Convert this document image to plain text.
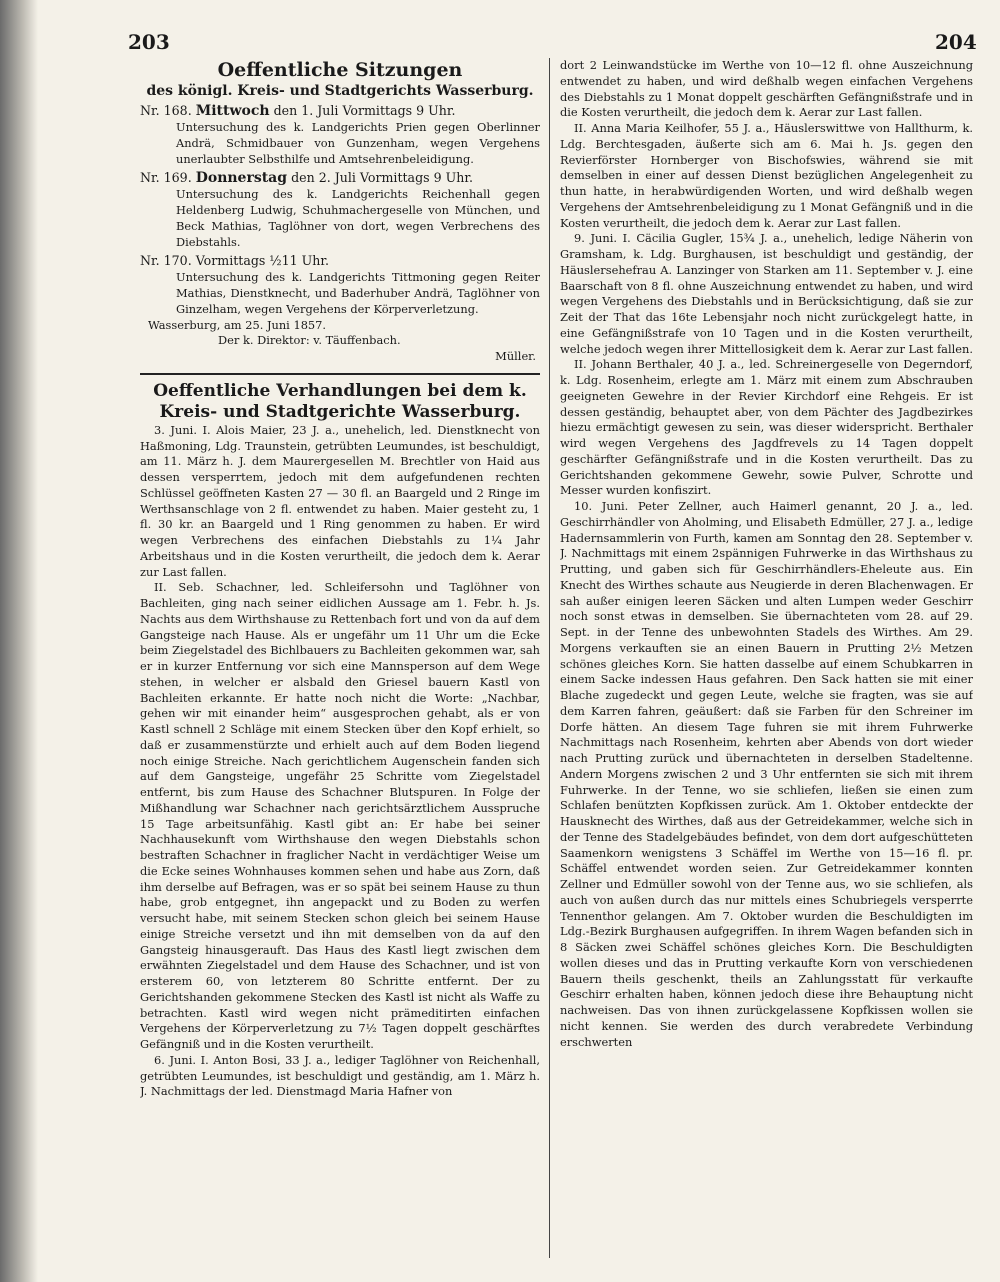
203	204
Oeffentliche Sitzungen
des königl. Kreis- und Stadtgerichts Wasserburg.
Nr. 168. Mittwoch den 1. Juli Vormittags 9 Uhr.
Untersuchung des k. Landgerichts Prien gegen Oberlinner Andrä, Schmidbauer von Gunzenham, wegen Vergehens unerlaubter Selbsthilfe und Amtsehrenbeleidigung.
Nr. 169. Donnerstag den 2. Juli Vormittags 9 Uhr.
Untersuchung des k. Landgerichts Reichenhall gegen Heldenberg Ludwig, Schuhmachergeselle von München, und Beck Mathias, Taglöhner von dort, wegen Verbrechens des Diebstahls.
Nr. 170. Vormittags ½11 Uhr.
Untersuchung des k. Landgerichts Tittmoning gegen Reiter Mathias, Dienstknecht, und Baderhuber Andrä, Taglöhner von Ginzelham, wegen Vergehens der Körperverletzung.
Wasserburg, am 25. Juni 1857.
Der k. Direktor: v. Täuffenbach.
Müller.
Oeffentliche Verhandlungen bei dem k. Kreis- und Stadtgerichte Wasserburg.

3. Juni. I. Alois Maier, 23 J. a., unehelich, led. Dienstknecht von Haßmoning, Ldg. Traunstein, getrübten Leumundes, ist beschuldigt, am 11. März h. J. dem Maurergesellen M. Brechtler von Haid aus dessen versperrtem, jedoch mit dem aufgefundenen rechten Schlüssel geöffneten Kasten 27 — 30 fl. an Baargeld und 2 Ringe im Werthsanschlage von 2 fl. entwendet zu haben. Maier gesteht zu, 1 fl. 30 kr. an Baargeld und 1 Ring genommen zu haben. Er wird wegen Verbrechens des einfachen Diebstahls zu 1¼ Jahr Arbeitshaus und in die Kosten verurtheilt, die jedoch dem k. Aerar zur Last fallen.

II. Seb. Schachner, led. Schleifersohn und Taglöhner von Bachleiten, ging nach seiner eidlichen Aussage am 1. Febr. h. Js. Nachts aus dem Wirthshause zu Rettenbach fort und von da auf dem Gangsteige nach Hause. Als er ungefähr um 11 Uhr um die Ecke beim Ziegelstadel des Bichlbauers zu Bachleiten gekommen war, sah er in kurzer Entfernung vor sich eine Mannsperson auf dem Wege stehen, in welcher er alsbald den Griesel bauern Kastl von Bachleiten erkannte. Er hatte noch nicht die Worte: „Nachbar, gehen wir mit einander heim“ ausgesprochen gehabt, als er von Kastl schnell 2 Schläge mit einem Stecken über den Kopf erhielt, so daß er zusammenstürzte und erhielt auch auf dem Boden liegend noch einige Streiche. Nach gerichtlichem Augenschein fanden sich auf dem Gangsteige, ungefähr 25 Schritte vom Ziegelstadel entfernt, bis zum Hause des Schachner Blutspuren. In Folge der Mißhandlung war Schachner nach gerichtsärztlichem Ausspruche 15 Tage arbeitsunfähig. Kastl gibt an: Er habe bei seiner Nachhausekunft vom Wirthshause den wegen Diebstahls schon bestraften Schachner in fraglicher Nacht in verdächtiger Weise um die Ecke seines Wohnhauses kommen sehen und habe aus Zorn, daß ihm derselbe auf Befragen, was er so spät bei seinem Hause zu thun habe, grob entgegnet, ihn angepackt und zu Boden zu werfen versucht habe, mit seinem Stecken schon gleich bei seinem Hause einige Streiche versetzt und ihn mit demselben von da auf den Gangsteig hinausgerauft. Das Haus des Kastl liegt zwischen dem erwähnten Ziegelstadel und dem Hause des Schachner, und ist von ersterem 60, von letzterem 80 Schritte entfernt. Der zu Gerichtshanden gekommene Stecken des Kastl ist nicht als Waffe zu betrachten. Kastl wird wegen nicht prämeditirten einfachen Vergehens der Körperverletzung zu 7½ Tagen doppelt geschärftes Gefängniß und in die Kosten verurtheilt.

6. Juni. I. Anton Bosi, 33 J. a., lediger Taglöhner von Reichenhall, getrübten Leumundes, ist beschuldigt und geständig, am 1. März h. J. Nachmittags der led. Dienstmagd Maria Hafner von

dort 2 Leinwandstücke im Werthe von 10—12 fl. ohne Auszeichnung entwendet zu haben, und wird deßhalb wegen einfachen Vergehens des Diebstahls zu 1 Monat doppelt geschärften Gefängnißstrafe und in die Kosten verurtheilt, die jedoch dem k. Aerar zur Last fallen.

II. Anna Maria Keilhofer, 55 J. a., Häuslerswittwe von Hallthurm, k. Ldg. Berchtesgaden, äußerte sich am 6. Mai h. Js. gegen den Revierförster Hornberger von Bischofswies, während sie mit demselben in einer auf dessen Dienst bezüglichen Angelegenheit zu thun hatte, in herabwürdigenden Worten, und wird deßhalb wegen Vergehens der Amtsehrenbeleidigung zu 1 Monat Gefängniß und in die Kosten verurtheilt, die jedoch dem k. Aerar zur Last fallen.

9. Juni. I. Cäcilia Gugler, 15¾ J. a., unehelich, ledige Näherin von Gramsham, k. Ldg. Burghausen, ist beschuldigt und geständig, der Häuslersehefrau A. Lanzinger von Starken am 11. September v. J. eine Baarschaft von 8 fl. ohne Auszeichnung entwendet zu haben, und wird wegen Vergehens des Diebstahls und in Berücksichtigung, daß sie zur Zeit der That das 16te Lebensjahr noch nicht zurückgelegt hatte, in eine Gefängnißstrafe von 10 Tagen und in die Kosten verurtheilt, welche jedoch wegen ihrer Mittellosigkeit dem k. Aerar zur Last fallen.

II. Johann Berthaler, 40 J. a., led. Schreinergeselle von Degerndorf, k. Ldg. Rosenheim, erlegte am 1. März mit einem zum Abschrauben geeigneten Gewehre in der Revier Kirchdorf eine Rehgeis. Er ist dessen geständig, behauptet aber, von dem Pächter des Jagdbezirkes hiezu ermächtigt gewesen zu sein, was dieser widerspricht. Berthaler wird wegen Vergehens des Jagdfrevels zu 14 Tagen doppelt geschärfter Gefängnißstrafe und in die Kosten verurtheilt. Das zu Gerichtshanden gekommene Gewehr, sowie Pulver, Schrotte und Messer wurden konfiszirt.

10. Juni. Peter Zellner, auch Haimerl genannt, 20 J. a., led. Geschirrhändler von Aholming, und Elisabeth Edmüller, 27 J. a., ledige Hadernsammlerin von Furth, kamen am Sonntag den 28. September v. J. Nachmittags mit einem 2spännigen Fuhrwerke in das Wirthshaus zu Prutting, und gaben sich für Geschirrhändlers-Eheleute aus. Ein Knecht des Wirthes schaute aus Neugierde in deren Blachenwagen. Er sah außer einigen leeren Säcken und alten Lumpen weder Geschirr noch sonst etwas in demselben. Sie übernachteten vom 28. auf 29. Sept. in der Tenne des unbewohnten Stadels des Wirthes. Am 29. Morgens verkauften sie an einen Bauern in Prutting 2½ Metzen schönes gleiches Korn. Sie hatten dasselbe auf einem Schubkarren in einem Sacke indessen Haus gefahren. Den Sack hatten sie mit einer Blache zugedeckt und gegen Leute, welche sie fragten, was sie auf dem Karren fahren, geäußert: daß sie Farben für den Schreiner im Dorfe hätten. An diesem Tage fuhren sie mit ihrem Fuhrwerke Nachmittags nach Rosenheim, kehrten aber Abends von dort wieder nach Prutting zurück und übernachteten in derselben Stadeltenne. Andern Morgens zwischen 2 und 3 Uhr entfernten sie sich mit ihrem Fuhrwerke. In der Tenne, wo sie schliefen, ließen sie einen zum Schlafen benützten Kopfkissen zurück. Am 1. Oktober entdeckte der Hausknecht des Wirthes, daß aus der Getreidekammer, welche sich in der Tenne des Stadelgebäudes befindet, von dem dort aufgeschütteten Saamenkorn wenigstens 3 Schäffel im Werthe von 15—16 fl. pr. Schäffel entwendet worden seien. Zur Getreidekammer konnten Zellner und Edmüller sowohl von der Tenne aus, wo sie schliefen, als auch von außen durch das nur mittels eines Schubriegels versperrte Tennenthor gelangen. Am 7. Oktober wurden die Beschuldigten im Ldg.-Bezirk Burghausen aufgegriffen. In ihrem Wagen befanden sich in 8 Säcken zwei Schäffel schönes gleiches Korn. Die Beschuldigten wollen dieses und das in Prutting verkaufte Korn von verschiedenen Bauern theils geschenkt, theils an Zahlungsstatt für verkaufte Geschirr erhalten haben, können jedoch diese ihre Behauptung nicht nachweisen. Das von ihnen zurückgelassene Kopfkissen wollen sie nicht kennen. Sie werden des durch verabredete Verbindung erschwerten
